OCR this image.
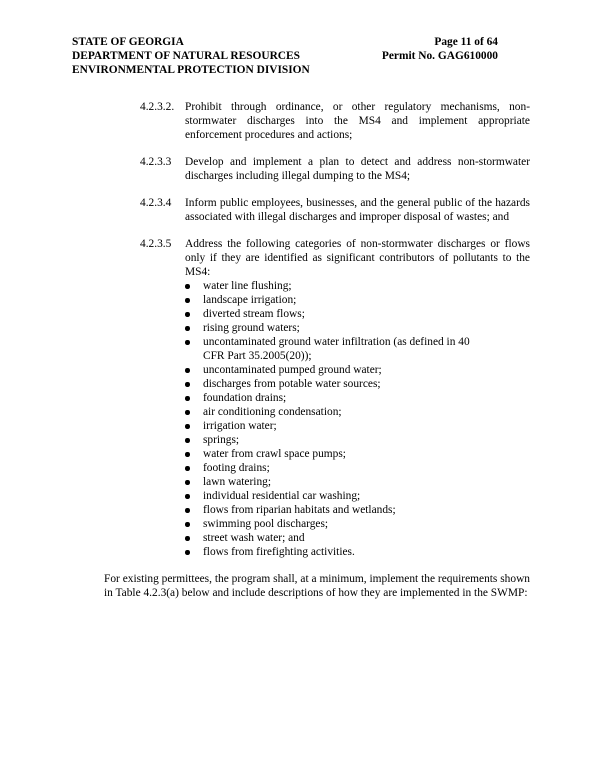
STATE OF GEORGIA	Page 11 of 64
DEPARTMENT OF NATURAL RESOURCES	Permit No. GAG610000
ENVIRONMENTAL PROTECTION DIVISION
4.2.3.2. Prohibit through ordinance, or other regulatory mechanisms, non-stormwater discharges into the MS4 and implement appropriate enforcement procedures and actions;
4.2.3.3	Develop and implement a plan to detect and address non-stormwater discharges including illegal dumping to the MS4;
4.2.3.4	Inform public employees, businesses, and the general public of the hazards associated with illegal discharges and improper disposal of wastes; and
4.2.3.5	Address the following categories of non-stormwater discharges or flows only if they are identified as significant contributors of pollutants to the MS4:
water line flushing;
landscape irrigation;
diverted stream flows;
rising ground waters;
uncontaminated ground water infiltration (as defined in 40 CFR Part 35.2005(20));
uncontaminated pumped ground water;
discharges from potable water sources;
foundation drains;
air conditioning condensation;
irrigation water;
springs;
water from crawl space pumps;
footing drains;
lawn watering;
individual residential car washing;
flows from riparian habitats and wetlands;
swimming pool discharges;
street wash water; and
flows from firefighting activities.
For existing permittees, the program shall, at a minimum, implement the requirements shown in Table 4.2.3(a) below and include descriptions of how they are implemented in the SWMP:
